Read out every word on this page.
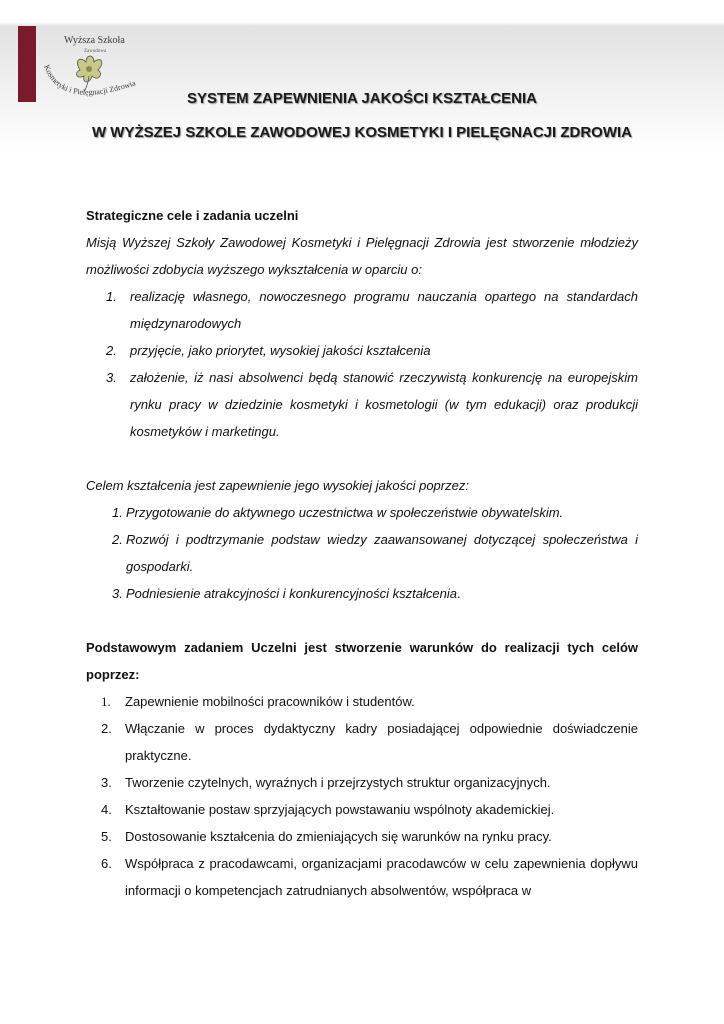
Wyższa Szkoła
Zawodowa
Kosmetyki i Pielęgnacji Zdrowia
SYSTEM ZAPEWNIENIA JAKOŚCI KSZTAŁCENIA
W WYŻSZEJ SZKOLE ZAWODOWEJ KOSMETYKI I PIELĘGNACJI ZDROWIA

Strategiczne cele i zadania uczelni

Misją Wyższej Szkoły Zawodowej Kosmetyki i Pielęgnacji Zdrowia jest stworzenie młodzieży możliwości zdobycia wyższego wykształcenia w oparciu o:

1. realizację własnego, nowoczesnego programu nauczania opartego na standardach międzynarodowych
2. przyjęcie, jako priorytet, wysokiej jakości kształcenia
3. założenie, iż nasi absolwenci będą stanowić rzeczywistą konkurencję na europejskim rynku pracy w dziedzinie kosmetyki i kosmetologii (w tym edukacji) oraz produkcji kosmetyków i marketingu.

Celem kształcenia jest zapewnienie jego wysokiej jakości poprzez:

1. Przygotowanie do aktywnego uczestnictwa w społeczeństwie obywatelskim.
2. Rozwój i podtrzymanie podstaw wiedzy zaawansowanej dotyczącej społeczeństwa i gospodarki.
3. Podniesienie atrakcyjności i konkurencyjności kształcenia.

Podstawowym zadaniem Uczelni jest stworzenie warunków do realizacji tych celów poprzez:

1. Zapewnienie mobilności pracowników i studentów.
2. Włączanie w proces dydaktyczny kadry posiadającej odpowiednie doświadczenie praktyczne.
3. Tworzenie czytelnych, wyraźnych i przejrzystych struktur organizacyjnych.
4. Kształtowanie postaw sprzyjających powstawaniu wspólnoty akademickiej.
5. Dostosowanie kształcenia do zmieniających się warunków na rynku pracy.
6. Współpraca z pracodawcami, organizacjami pracodawców w celu zapewnienia dopływu informacji o kompetencjach zatrudnianych absolwentów, współpraca w
